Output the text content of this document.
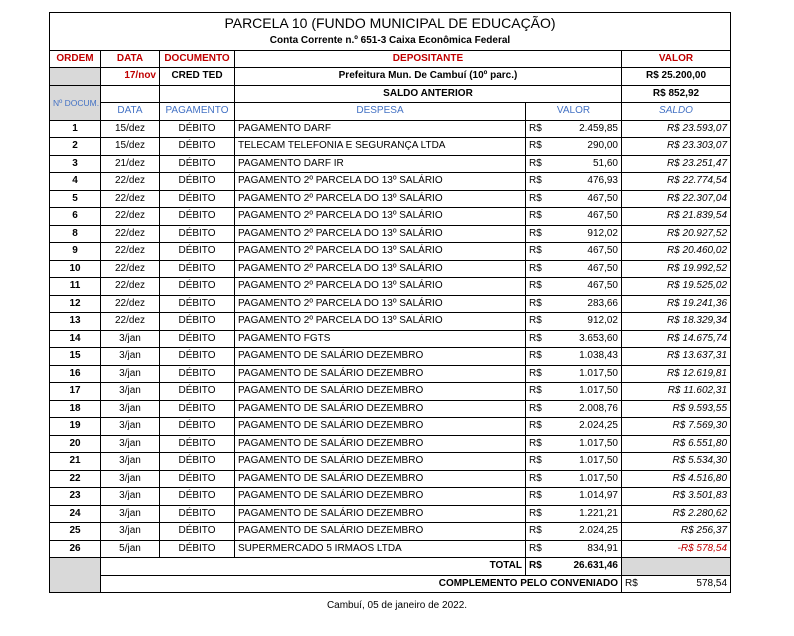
PARCELA 10 (FUNDO MUNICIPAL DE EDUCAÇÃO)							
Conta Corrente n.º 651-3 Caixa Econômica Federal							
ORDEM	DATA	DOCUMENTO	DEPOSITANTE			VALOR	
	17/nov	CRED TED	Prefeitura Mun. De Cambuí (10º parc.)			R$ 25.200,00	
Nº DOCUM.			SALDO ANTERIOR			R$ 852,92	
	DATA	PAGAMENTO	DESPESA	VALOR		SALDO	
1	15/dez	DÉBITO	PAGAMENTO DARF	R$	2.459,85	R$ 23.593,07	
2	15/dez	DÉBITO	TELECAM TELEFONIA E SEGURANÇA LTDA	R$	290,00	R$ 23.303,07	
3	21/dez	DÉBITO	PAGAMENTO DARF IR	R$	51,60	R$ 23.251,47	
4	22/dez	DÉBITO	PAGAMENTO 2º PARCELA DO 13º SALÁRIO	R$	476,93	R$ 22.774,54	
5	22/dez	DÉBITO	PAGAMENTO 2º PARCELA DO 13º SALÁRIO	R$	467,50	R$ 22.307,04	
6	22/dez	DÉBITO	PAGAMENTO 2º PARCELA DO 13º SALÁRIO	R$	467,50	R$ 21.839,54	
8	22/dez	DÉBITO	PAGAMENTO 2º PARCELA DO 13º SALÁRIO	R$	912,02	R$ 20.927,52	
9	22/dez	DÉBITO	PAGAMENTO 2º PARCELA DO 13º SALÁRIO	R$	467,50	R$ 20.460,02	
10	22/dez	DÉBITO	PAGAMENTO 2º PARCELA DO 13º SALÁRIO	R$	467,50	R$ 19.992,52	
11	22/dez	DÉBITO	PAGAMENTO 2º PARCELA DO 13º SALÁRIO	R$	467,50	R$ 19.525,02	
12	22/dez	DÉBITO	PAGAMENTO 2º PARCELA DO 13º SALÁRIO	R$	283,66	R$ 19.241,36	
13	22/dez	DÉBITO	PAGAMENTO 2º PARCELA DO 13º SALÁRIO	R$	912,02	R$ 18.329,34	
14	3/jan	DÉBITO	PAGAMENTO FGTS	R$	3.653,60	R$ 14.675,74	
15	3/jan	DÉBITO	PAGAMENTO DE SALÁRIO DEZEMBRO	R$	1.038,43	R$ 13.637,31	
16	3/jan	DÉBITO	PAGAMENTO DE SALÁRIO DEZEMBRO	R$	1.017,50	R$ 12.619,81	
17	3/jan	DÉBITO	PAGAMENTO DE SALÁRIO DEZEMBRO	R$	1.017,50	R$ 11.602,31	
18	3/jan	DÉBITO	PAGAMENTO DE SALÁRIO DEZEMBRO	R$	2.008,76	R$ 9.593,55	
19	3/jan	DÉBITO	PAGAMENTO DE SALÁRIO DEZEMBRO	R$	2.024,25	R$ 7.569,30	
20	3/jan	DÉBITO	PAGAMENTO DE SALÁRIO DEZEMBRO	R$	1.017,50	R$ 6.551,80	
21	3/jan	DÉBITO	PAGAMENTO DE SALÁRIO DEZEMBRO	R$	1.017,50	R$ 5.534,30	
22	3/jan	DÉBITO	PAGAMENTO DE SALÁRIO DEZEMBRO	R$	1.017,50	R$ 4.516,80	
23	3/jan	DÉBITO	PAGAMENTO DE SALÁRIO DEZEMBRO	R$	1.014,97	R$ 3.501,83	
24	3/jan	DÉBITO	PAGAMENTO DE SALÁRIO DEZEMBRO	R$	1.221,21	R$ 2.280,62	
25	3/jan	DÉBITO	PAGAMENTO DE SALÁRIO DEZEMBRO	R$	2.024,25	R$ 256,37	
26	5/jan	DÉBITO	SUPERMERCADO 5 IRMAOS LTDA	R$	834,91	-R$ 578,54	
	TOTAL			R$	26.631,46		
	COMPLEMENTO PELO CONVENIADO					R$	578,54
Cambuí, 05 de janeiro de 2022.
